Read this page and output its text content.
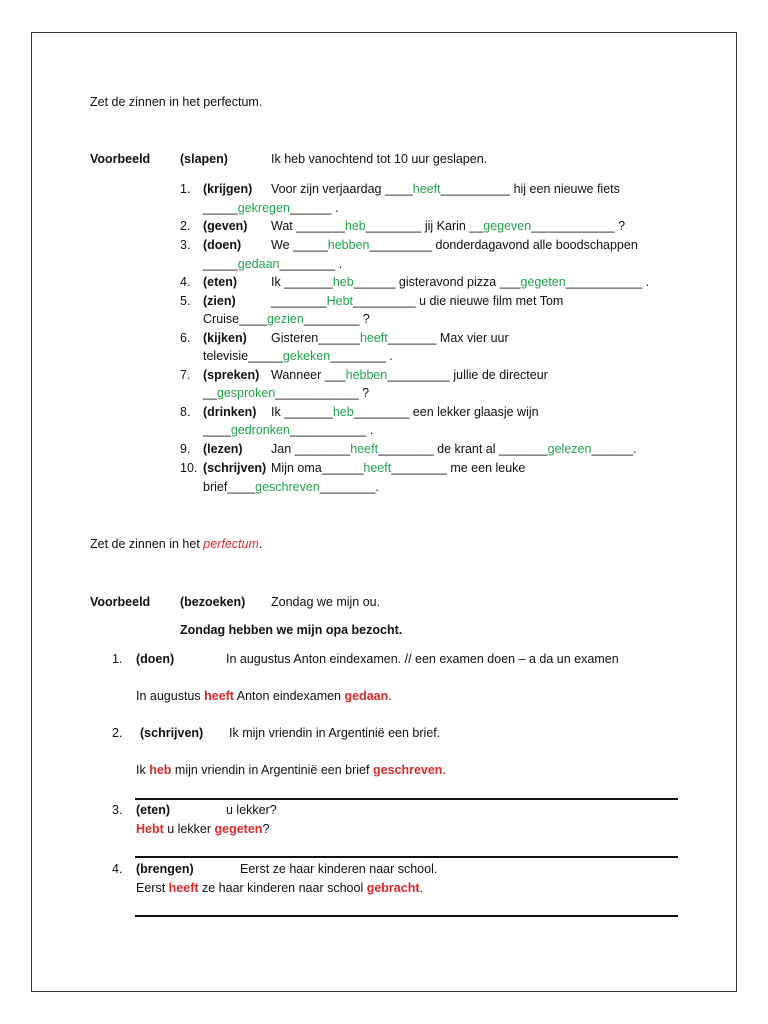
Zet de zinnen in het perfectum.
Voorbeeld (slapen)	Ik heb vanochtend tot 10 uur geslapen.
1. (krijgen) Voor zijn verjaardag ____heeft__________ hij een nieuwe fiets
_____gekregen______ .
2. (geven) Wat _______heb________ jij Karin __gegeven____________ ?
3. (doen) We _____hebben_________ donderdagavond alle boodschappen
_____gedaan________ .
4. (eten)	Ik _______heb______ gisteravond pizza ___gegeten___________ .
5. (zien)	________Hebt_________ u die nieuwe film met Tom
Cruise____gezien________ ?
6. (kijken) Gisteren______heeft_______ Max vier uur
televisie_____gekeken________ .
7. (spreken) Wanneer ___hebben_________ jullie de directeur
__gesproken____________ ?
8. (drinken) Ik _______heb________ een lekker glaasje wijn
____gedronken___________ .
9. (lezen) Jan ________heeft________ de krant al _______gelezen______.
10. (schrijven) Mijn oma______heeft________ me een leuke
brief____geschreven________.
Zet de zinnen in het perfectum.
Voorbeeld (bezoeken) Zondag we mijn ou.
Zondag hebben we mijn opa bezocht.
1. (doen)	In augustus Anton eindexamen. // een examen doen – a da un examen
In augustus heeft Anton eindexamen gedaan.
2. (schrijven) Ik mijn vriendin in Argentinië een brief.
Ik heb mijn vriendin in Argentinië een brief geschreven.
3. (eten)	u lekker?
Hebt u lekker gegeten?
4. (brengen)	Eerst ze haar kinderen naar school.
Eerst heeft ze haar kinderen naar school gebracht.
